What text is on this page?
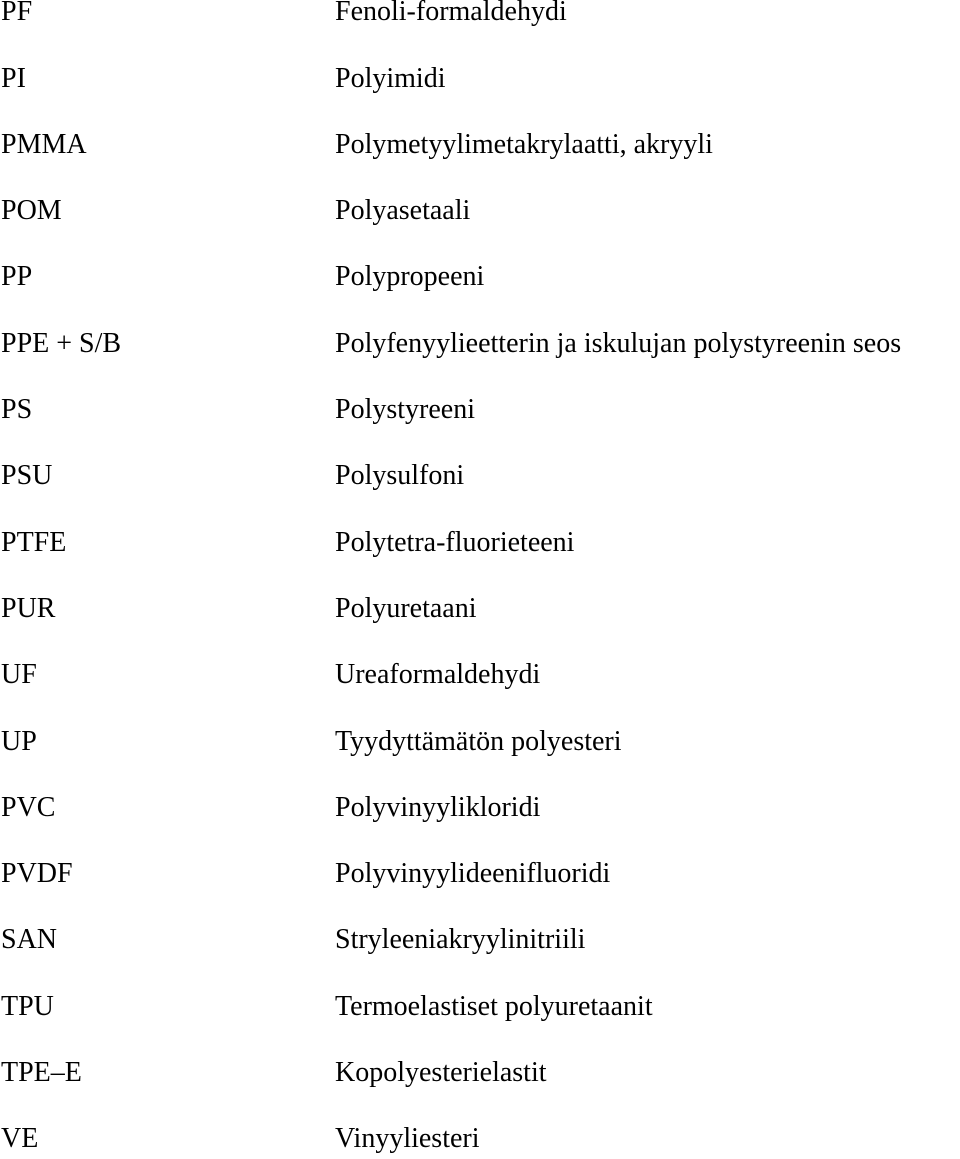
PF	Fenoli-formaldehydi
PI	Polyimidi
PMMA	Polymetyylimetakrylaatti, akryyli
POM	Polyasetaali
PP	Polypropeeni
PPE + S/B	Polyfenyylieetterin ja iskulujan polystyreenin seos
PS	Polystyreeni
PSU	Polysulfoni
PTFE	Polytetra-fluorieteeni
PUR	Polyuretaani
UF	Ureaformaldehydi
UP	Tyydyttämätön polyesteri
PVC	Polyvinyylikloridi
PVDF	Polyvinyylideenifluoridi
SAN	Stryleeniakryylinitriili
TPU	Termoelastiset polyuretaanit
TPE–E	Kopolyesterielastit
VE	Vinyyliesteri
